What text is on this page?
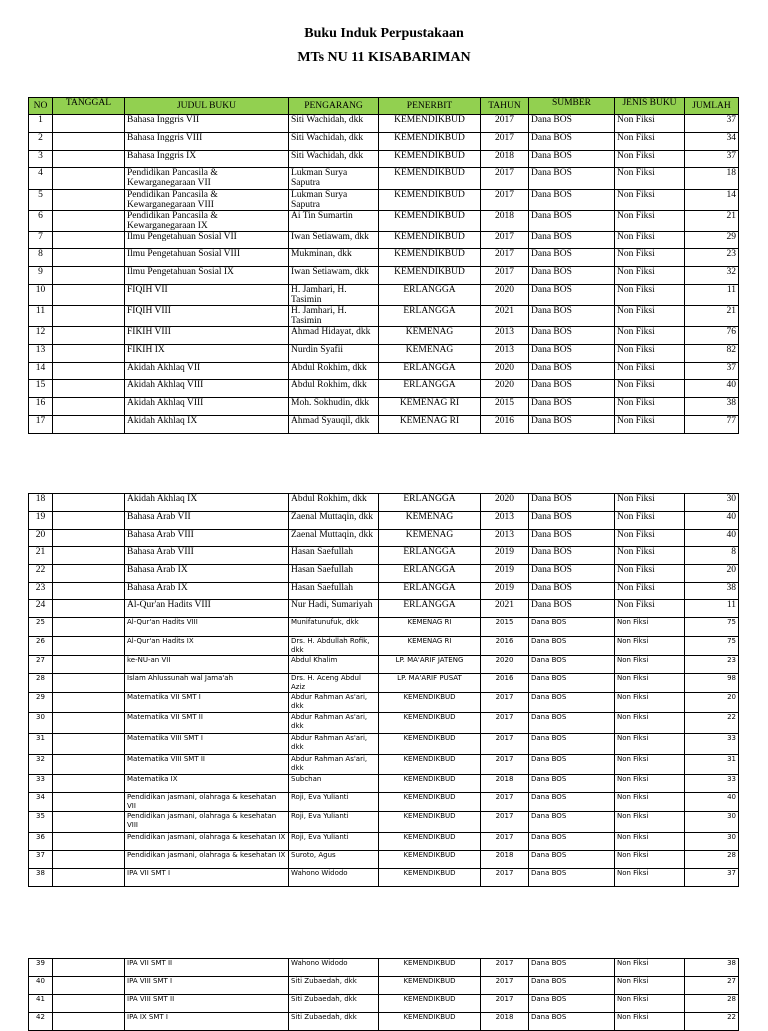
Buku Induk Perpustakaan
MTs NU 11 KISABARIMAN
NO	TANGGAL	JUDUL BUKU	PENGARANG	PENERBIT	TAHUN	SUMBER	JENIS BUKU	JUMLAH
1		Bahasa Inggris VII	Siti Wachidah, dkk	KEMENDIKBUD	2017	Dana BOS	Non Fiksi	37
2		Bahasa Inggris VIII	Siti Wachidah, dkk	KEMENDIKBUD	2017	Dana BOS	Non Fiksi	34
3		Bahasa Inggris IX	Siti Wachidah, dkk	KEMENDIKBUD	2018	Dana BOS	Non Fiksi	37
4		Pendidikan Pancasila & Kewarganegaraan VII	Lukman Surya Saputra	KEMENDIKBUD	2017	Dana BOS	Non Fiksi	18
5		Pendidikan Pancasila & Kewarganegaraan VIII	Lukman Surya Saputra	KEMENDIKBUD	2017	Dana BOS	Non Fiksi	14
6		Pendidikan Pancasila & Kewarganegaraan IX	Ai Tin Sumartin	KEMENDIKBUD	2018	Dana BOS	Non Fiksi	21
7		Ilmu Pengetahuan Sosial VII	Iwan Setiawam, dkk	KEMENDIKBUD	2017	Dana BOS	Non Fiksi	29
8		Ilmu Pengetahuan Sosial VIII	Mukminan, dkk	KEMENDIKBUD	2017	Dana BOS	Non Fiksi	23
9		Ilmu Pengetahuan Sosial IX	Iwan Setiawam, dkk	KEMENDIKBUD	2017	Dana BOS	Non Fiksi	32
10		FIQIH VII	H. Jamhari, H. Tasimin	ERLANGGA	2020	Dana BOS	Non Fiksi	11
11		FIQIH VIII	H. Jamhari, H. Tasimin	ERLANGGA	2021	Dana BOS	Non Fiksi	21
12		FIKIH VIII	Ahmad Hidayat, dkk	KEMENAG	2013	Dana BOS	Non Fiksi	76
13		FIKIH IX	Nurdin Syafii	KEMENAG	2013	Dana BOS	Non Fiksi	82
14		Akidah Akhlaq VII	Abdul Rokhim, dkk	ERLANGGA	2020	Dana BOS	Non Fiksi	37
15		Akidah Akhlaq VIII	Abdul Rokhim, dkk	ERLANGGA	2020	Dana BOS	Non Fiksi	40
16		Akidah Akhlaq VIII	Moh. Sokhudin, dkk	KEMENAG RI	2015	Dana BOS	Non Fiksi	38
17		Akidah Akhlaq IX	Ahmad Syauqil, dkk	KEMENAG RI	2016	Dana BOS	Non Fiksi	77
18		Akidah Akhlaq IX	Abdul Rokhim, dkk	ERLANGGA	2020	Dana BOS	Non Fiksi	30
19		Bahasa Arab VII	Zaenal Muttaqin, dkk	KEMENAG	2013	Dana BOS	Non Fiksi	40
20		Bahasa Arab VIII	Zaenal Muttaqin, dkk	KEMENAG	2013	Dana BOS	Non Fiksi	40
21		Bahasa Arab VIII	Hasan Saefullah	ERLANGGA	2019	Dana BOS	Non Fiksi	8
22		Bahasa Arab IX	Hasan Saefullah	ERLANGGA	2019	Dana BOS	Non Fiksi	20
23		Bahasa Arab IX	Hasan Saefullah	ERLANGGA	2019	Dana BOS	Non Fiksi	38
24		Al-Qur'an Hadits VIII	Nur Hadi, Sumariyah	ERLANGGA	2021	Dana BOS	Non Fiksi	11
25		Al-Qur'an Hadits VIII	Munifatunufuk, dkk	KEMENAG RI	2015	Dana BOS	Non Fiksi	75
26		Al-Qur'an Hadits IX	Drs. H. Abdullah Rofik, dkk	KEMENAG RI	2016	Dana BOS	Non Fiksi	75
27		ke-NU-an VII	Abdul Khalim	LP. MA'ARIF JATENG	2020	Dana BOS	Non Fiksi	23
28		Islam Ahlussunah wal Jama'ah	Drs. H. Aceng Abdul Aziz	LP. MA'ARIF PUSAT	2016	Dana BOS	Non Fiksi	98
29		Matematika VII SMT I	Abdur Rahman As'ari, dkk	KEMENDIKBUD	2017	Dana BOS	Non Fiksi	20
30		Matematika VII SMT II	Abdur Rahman As'ari, dkk	KEMENDIKBUD	2017	Dana BOS	Non Fiksi	22
31		Matematika VIII SMT I	Abdur Rahman As'ari, dkk	KEMENDIKBUD	2017	Dana BOS	Non Fiksi	33
32		Matematika VIII SMT II	Abdur Rahman As'ari, dkk	KEMENDIKBUD	2017	Dana BOS	Non Fiksi	31
33		Matematika IX	Subchan	KEMENDIKBUD	2018	Dana BOS	Non Fiksi	33
34		Pendidikan jasmani, olahraga & kesehatan VII	Roji, Eva Yulianti	KEMENDIKBUD	2017	Dana BOS	Non Fiksi	40
35		Pendidikan jasmani, olahraga & kesehatan VIII	Roji, Eva Yulianti	KEMENDIKBUD	2017	Dana BOS	Non Fiksi	30
36		Pendidikan jasmani, olahraga & kesehatan IX	Roji, Eva Yulianti	KEMENDIKBUD	2017	Dana BOS	Non Fiksi	30
37		Pendidikan jasmani, olahraga & kesehatan IX	Suroto, Agus	KEMENDIKBUD	2018	Dana BOS	Non Fiksi	28
38		IPA VII SMT I	Wahono Widodo	KEMENDIKBUD	2017	Dana BOS	Non Fiksi	37
39		IPA VII SMT II	Wahono Widodo	KEMENDIKBUD	2017	Dana BOS	Non Fiksi	38
40		IPA VIII SMT I	Siti Zubaedah, dkk	KEMENDIKBUD	2017	Dana BOS	Non Fiksi	27
41		IPA VIII SMT II	Siti Zubaedah, dkk	KEMENDIKBUD	2017	Dana BOS	Non Fiksi	28
42		IPA IX SMT I	Siti Zubaedah, dkk	KEMENDIKBUD	2018	Dana BOS	Non Fiksi	22
